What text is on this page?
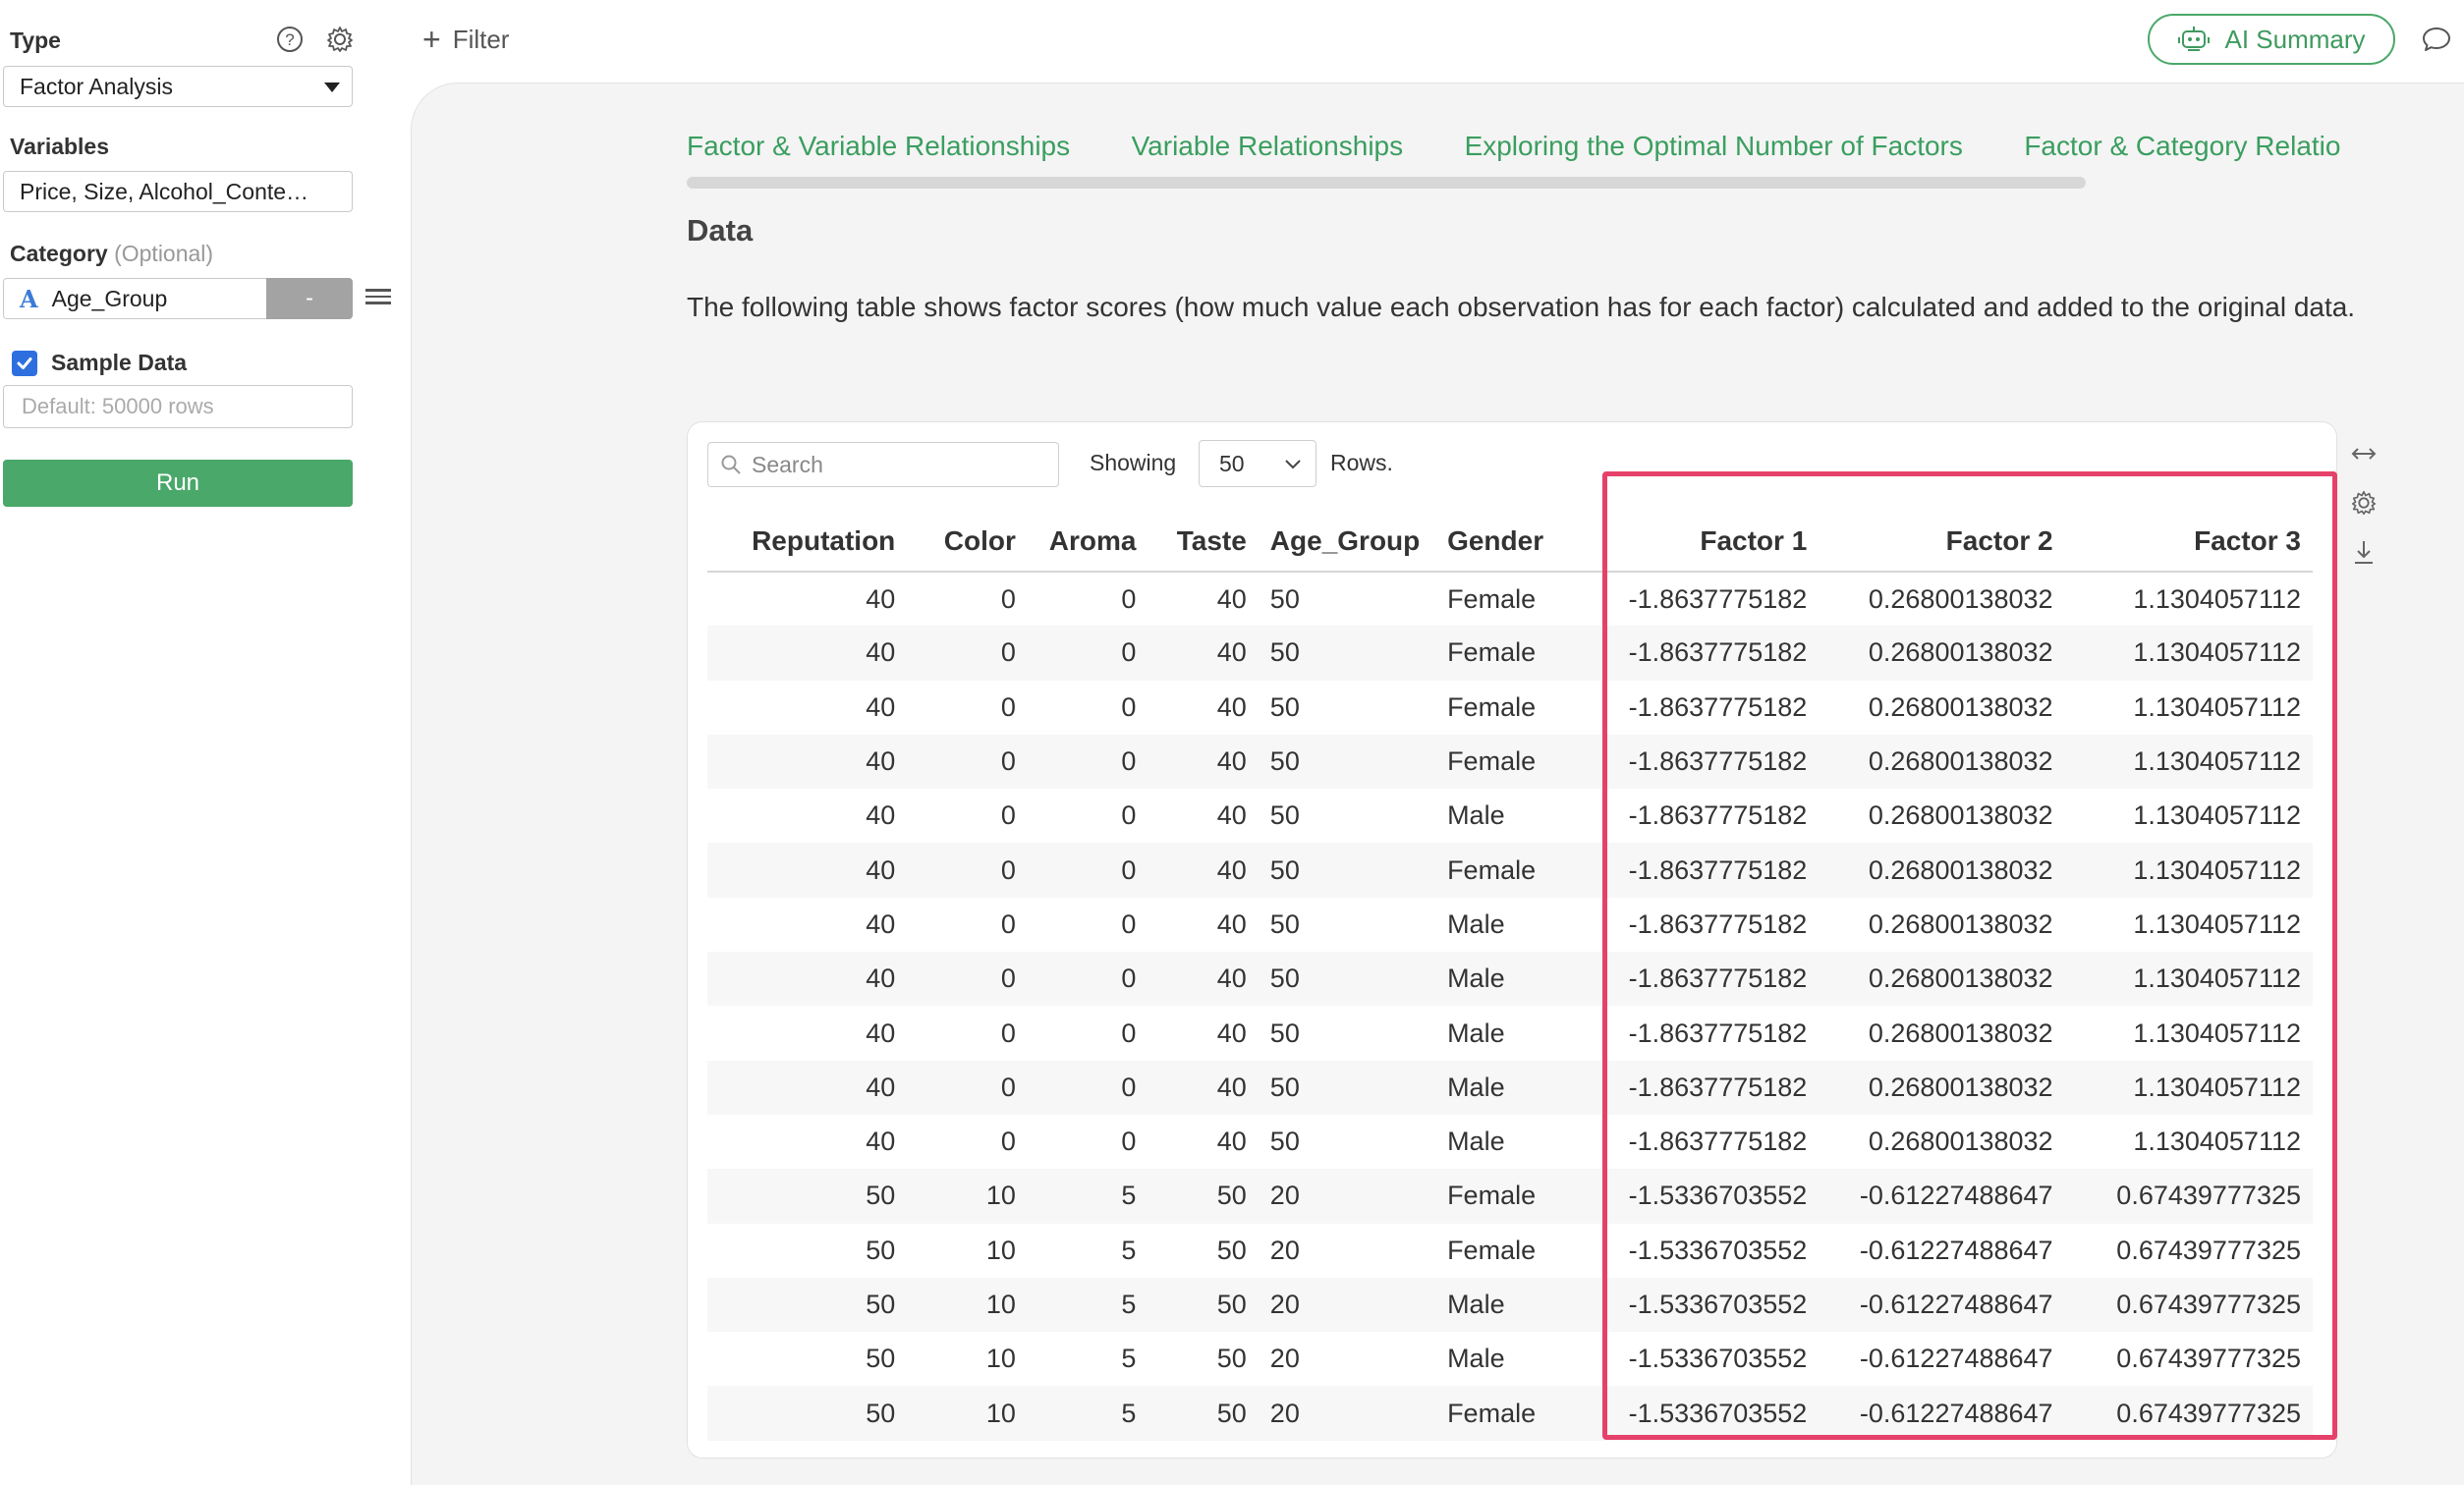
Type	?
Factor Analysis
Variables
Price, Size, Alcohol_Conte…
Category (Optional)
A Age_Group	-
Sample Data
Default: 50000 rows
Run
+ Filter	AI Summary
Factor & Variable Relationships Variable Relationships Exploring the Optimal Number of Factors Factor & Category Relatio
Data
The following table shows factor scores (how much value each observation has for each factor) calculated and added to the original data.
Search	Showing 50	Rows.
Reputation	Color	Aroma	Taste	Age_Group	Gender	Factor 1	Factor 2	Factor 3
40	0	0	40	50	Female	-1.8637775182	0.26800138032	1.1304057112
40	0	0	40	50	Female	-1.8637775182	0.26800138032	1.1304057112
40	0	0	40	50	Female	-1.8637775182	0.26800138032	1.1304057112
40	0	0	40	50	Female	-1.8637775182	0.26800138032	1.1304057112
40	0	0	40	50	Male	-1.8637775182	0.26800138032	1.1304057112
40	0	0	40	50	Female	-1.8637775182	0.26800138032	1.1304057112
40	0	0	40	50	Male	-1.8637775182	0.26800138032	1.1304057112
40	0	0	40	50	Male	-1.8637775182	0.26800138032	1.1304057112
40	0	0	40	50	Male	-1.8637775182	0.26800138032	1.1304057112
40	0	0	40	50	Male	-1.8637775182	0.26800138032	1.1304057112
40	0	0	40	50	Male	-1.8637775182	0.26800138032	1.1304057112
50	10	5	50	20	Female	-1.5336703552	-0.61227488647	0.67439777325
50	10	5	50	20	Female	-1.5336703552	-0.61227488647	0.67439777325
50	10	5	50	20	Male	-1.5336703552	-0.61227488647	0.67439777325
50	10	5	50	20	Male	-1.5336703552	-0.61227488647	0.67439777325
50	10	5	50	20	Female	-1.5336703552	-0.61227488647	0.67439777325
